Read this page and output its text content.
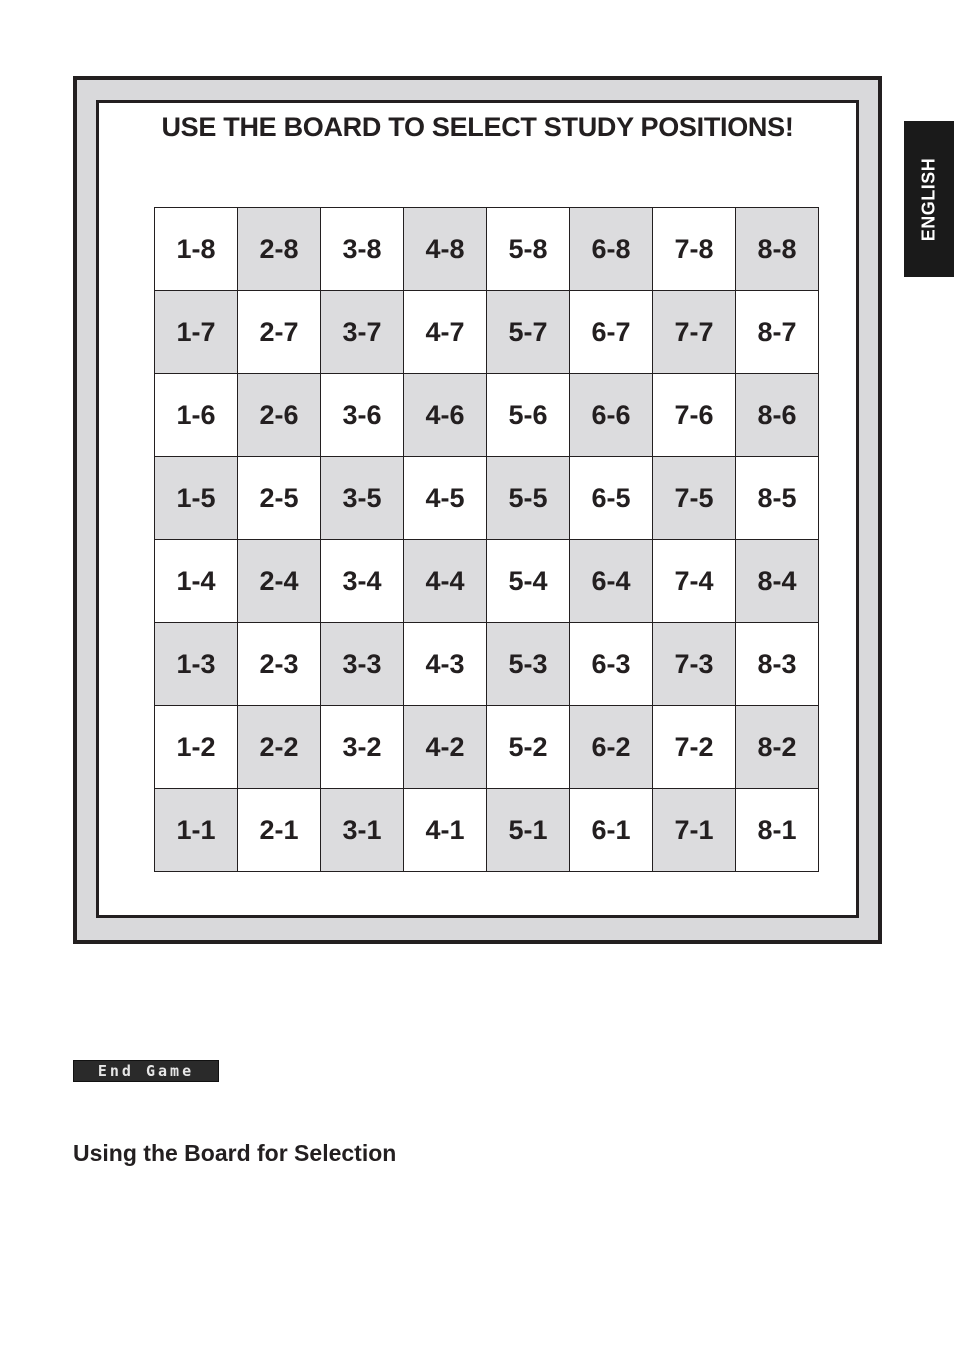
ENGLISH
USE THE BOARD TO SELECT STUDY POSITIONS!
1-8	2-8	3-8	4-8	5-8	6-8	7-8	8-8
1-7	2-7	3-7	4-7	5-7	6-7	7-7	8-7
1-6	2-6	3-6	4-6	5-6	6-6	7-6	8-6
1-5	2-5	3-5	4-5	5-5	6-5	7-5	8-5
1-4	2-4	3-4	4-4	5-4	6-4	7-4	8-4
1-3	2-3	3-3	4-3	5-3	6-3	7-3	8-3
1-2	2-2	3-2	4-2	5-2	6-2	7-2	8-2
1-1	2-1	3-1	4-1	5-1	6-1	7-1	8-1
End Game
Using the Board for Selection
